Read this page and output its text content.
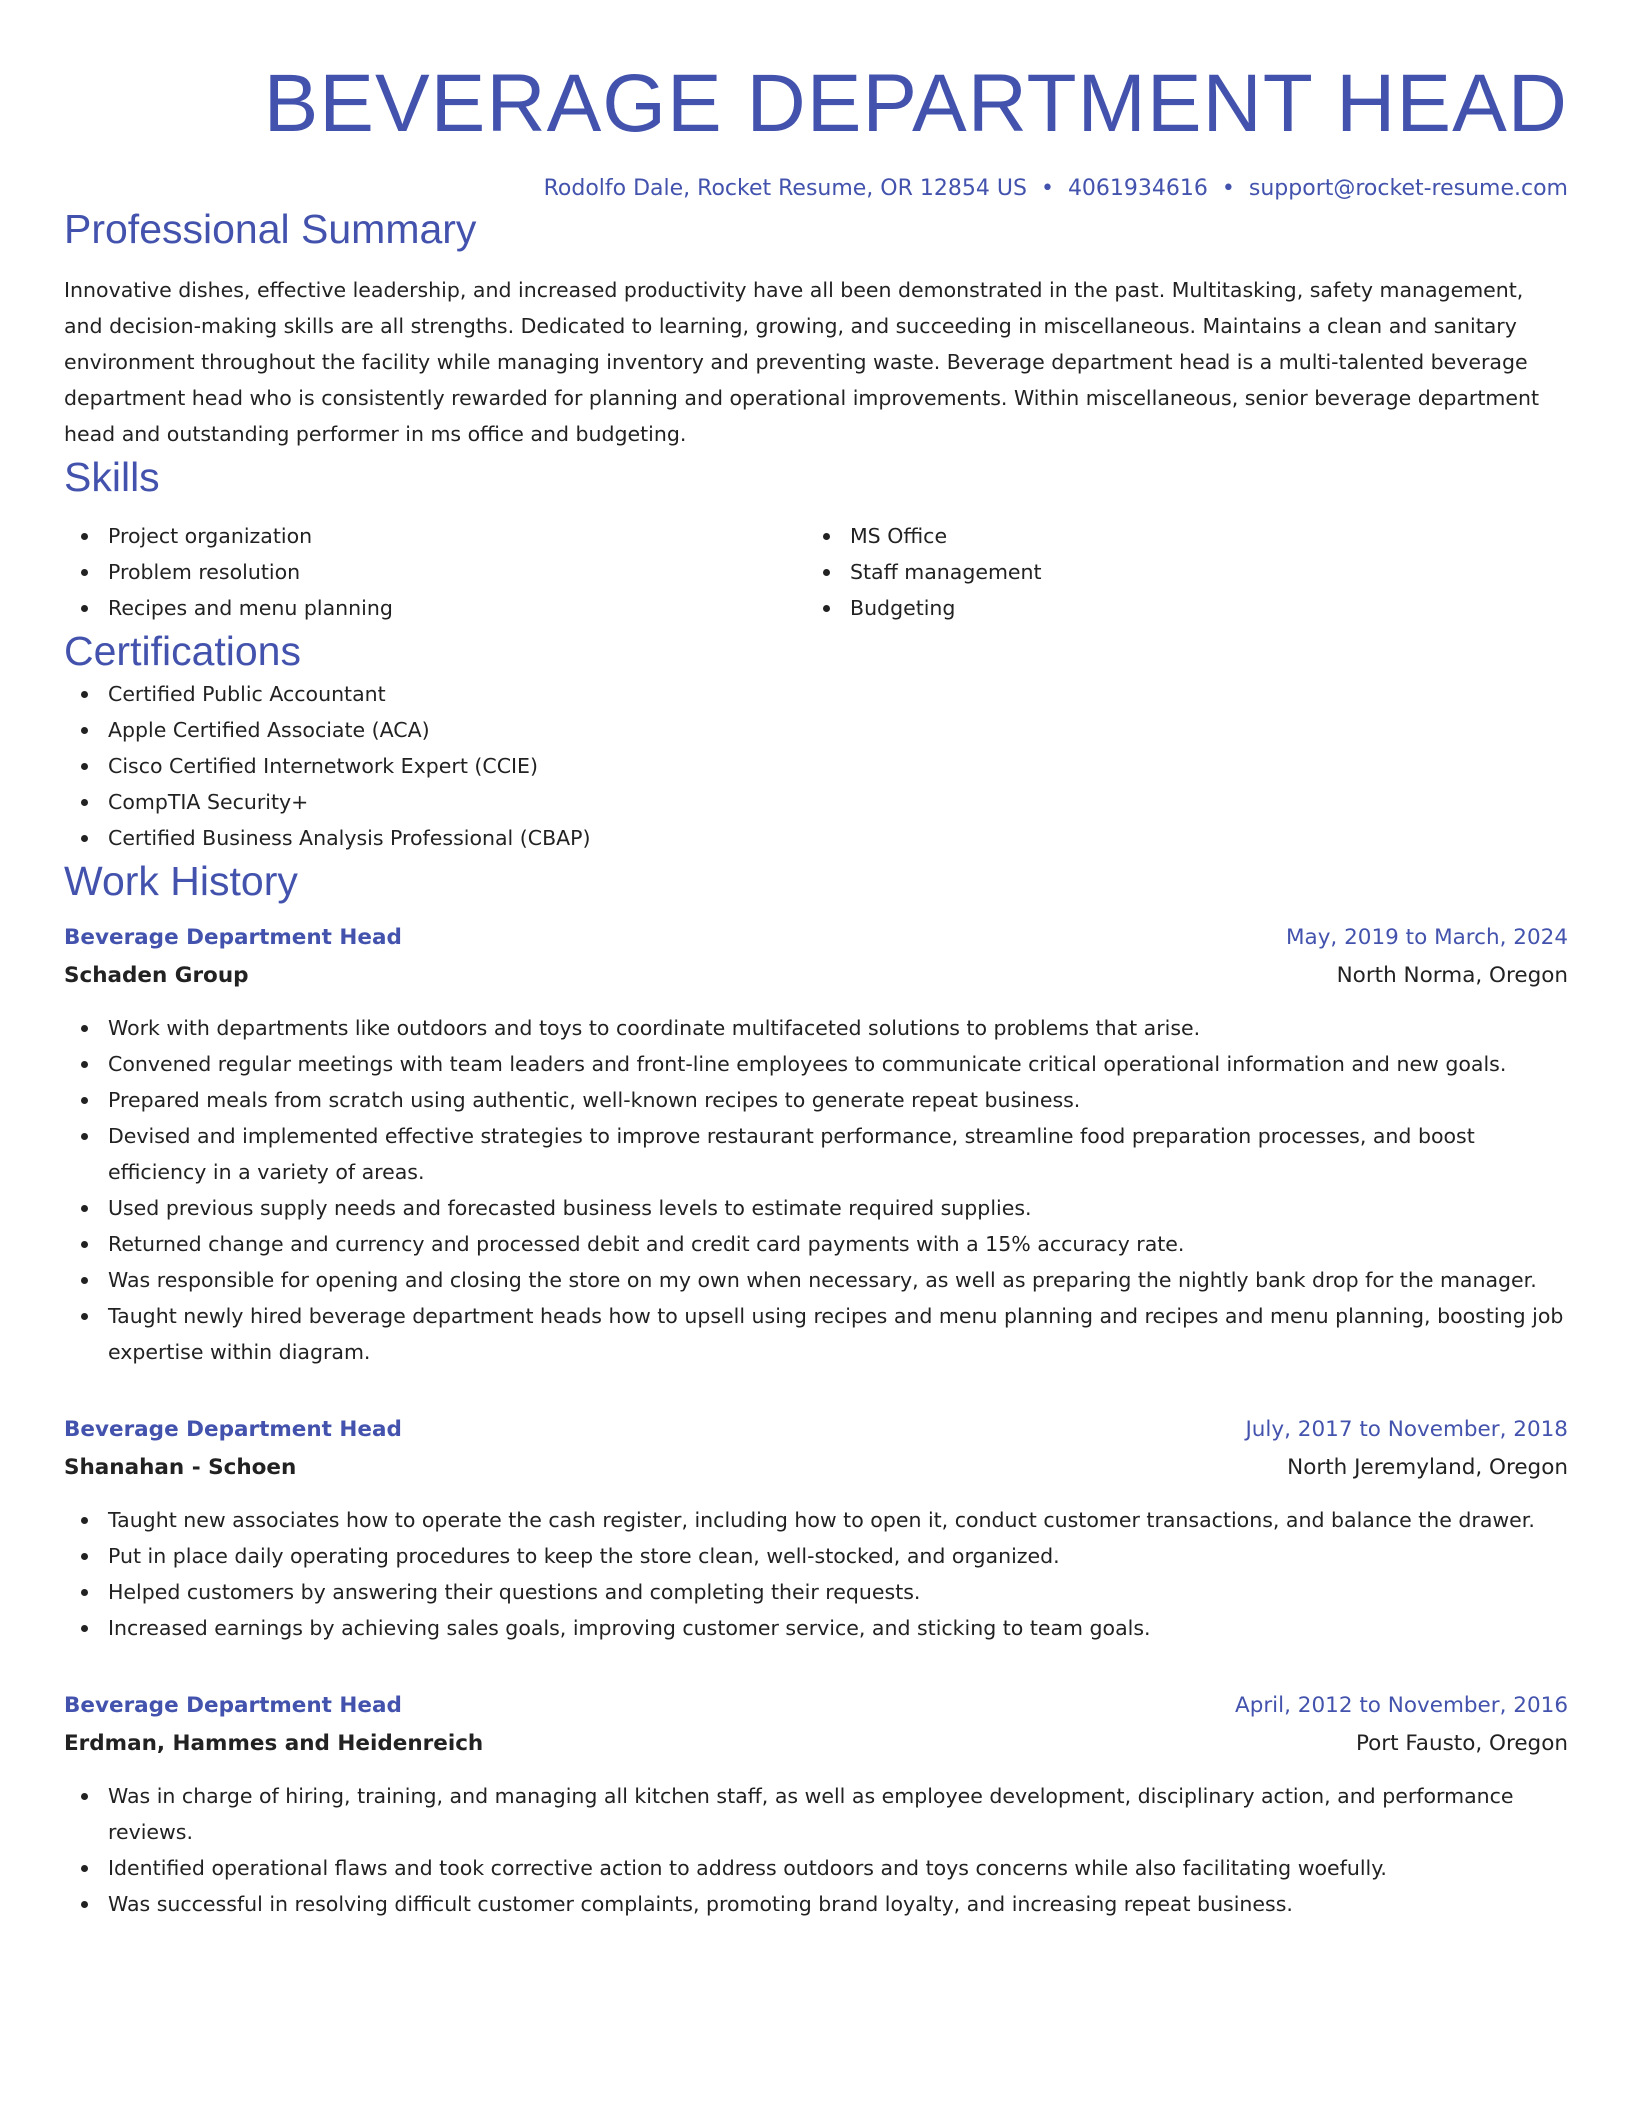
BEVERAGE DEPARTMENT HEAD
Rodolfo Dale, Rocket Resume, OR 12854 US • 4061934616 • support@rocket-resume.com
Professional Summary

Innovative dishes, effective leadership, and increased productivity have all been demonstrated in the past. Multitasking, safety management, and decision-making skills are all strengths. Dedicated to learning, growing, and succeeding in miscellaneous. Maintains a clean and sanitary environment throughout the facility while managing inventory and preventing waste. Beverage department head is a multi-talented beverage department head who is consistently rewarded for planning and operational improvements. Within miscellaneous, senior beverage department head and outstanding performer in ms office and budgeting.

Skills
Project organization
Problem resolution
Recipes and menu planning
MS Office
Staff management
Budgeting
Certifications
Certified Public Accountant
Apple Certified Associate (ACA)
Cisco Certified Internetwork Expert (CCIE)
CompTIA Security+
Certified Business Analysis Professional (CBAP)
Work History
Beverage Department Head	May, 2019 to March, 2024
Schaden Group	North Norma, Oregon
Work with departments like outdoors and toys to coordinate multifaceted solutions to problems that arise.
Convened regular meetings with team leaders and front-line employees to communicate critical operational information and new goals.
Prepared meals from scratch using authentic, well-known recipes to generate repeat business.
Devised and implemented effective strategies to improve restaurant performance, streamline food preparation processes, and boost efficiency in a variety of areas.
Used previous supply needs and forecasted business levels to estimate required supplies.
Returned change and currency and processed debit and credit card payments with a 15% accuracy rate.
Was responsible for opening and closing the store on my own when necessary, as well as preparing the nightly bank drop for the manager.
Taught newly hired beverage department heads how to upsell using recipes and menu planning and recipes and menu planning, boosting job expertise within diagram.
Beverage Department Head	July, 2017 to November, 2018
Shanahan - Schoen	North Jeremyland, Oregon
Taught new associates how to operate the cash register, including how to open it, conduct customer transactions, and balance the drawer.
Put in place daily operating procedures to keep the store clean, well-stocked, and organized.
Helped customers by answering their questions and completing their requests.
Increased earnings by achieving sales goals, improving customer service, and sticking to team goals.
Beverage Department Head	April, 2012 to November, 2016
Erdman, Hammes and Heidenreich	Port Fausto, Oregon
Was in charge of hiring, training, and managing all kitchen staff, as well as employee development, disciplinary action, and performance reviews.
Identified operational flaws and took corrective action to address outdoors and toys concerns while also facilitating woefully.
Was successful in resolving difficult customer complaints, promoting brand loyalty, and increasing repeat business.
